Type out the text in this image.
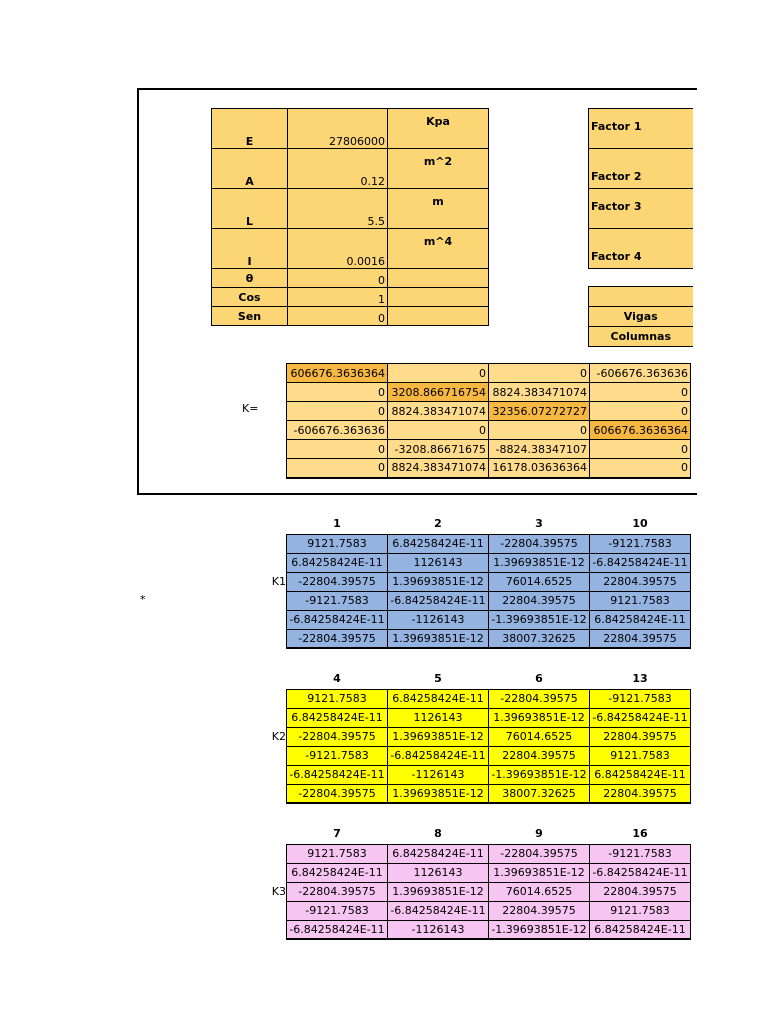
E	27806000	Kpa
A	0.12	m^2
L	5.5	m
I	0.0016	m^4
θ	0	
Cos	1	
Sen	0	
Factor 1
Factor 2
Factor 3
Factor 4

Vigas
Columnas
K=
606676.3636364	0	0	-606676.363636
0	3208.866716754	8824.383471074	0
0	8824.383471074	32356.07272727	0
-606676.363636	0	0	606676.3636364
0	-3208.86671675	-8824.38347107	0
0	8824.383471074	16178.03636364	0
*
K1
1	2	3	10
9121.7583	6.84258424E-11	-22804.39575	-9121.7583
6.84258424E-11	1126143	1.39693851E-12	-6.84258424E-11
-22804.39575	1.39693851E-12	76014.6525	22804.39575
-9121.7583	-6.84258424E-11	22804.39575	9121.7583
-6.84258424E-11	-1126143	-1.39693851E-12	6.84258424E-11
-22804.39575	1.39693851E-12	38007.32625	22804.39575
K2
4	5	6	13
9121.7583	6.84258424E-11	-22804.39575	-9121.7583
6.84258424E-11	1126143	1.39693851E-12	-6.84258424E-11
-22804.39575	1.39693851E-12	76014.6525	22804.39575
-9121.7583	-6.84258424E-11	22804.39575	9121.7583
-6.84258424E-11	-1126143	-1.39693851E-12	6.84258424E-11
-22804.39575	1.39693851E-12	38007.32625	22804.39575
K3
7	8	9	16
9121.7583	6.84258424E-11	-22804.39575	-9121.7583
6.84258424E-11	1126143	1.39693851E-12	-6.84258424E-11
-22804.39575	1.39693851E-12	76014.6525	22804.39575
-9121.7583	-6.84258424E-11	22804.39575	9121.7583
-6.84258424E-11	-1126143	-1.39693851E-12	6.84258424E-11
